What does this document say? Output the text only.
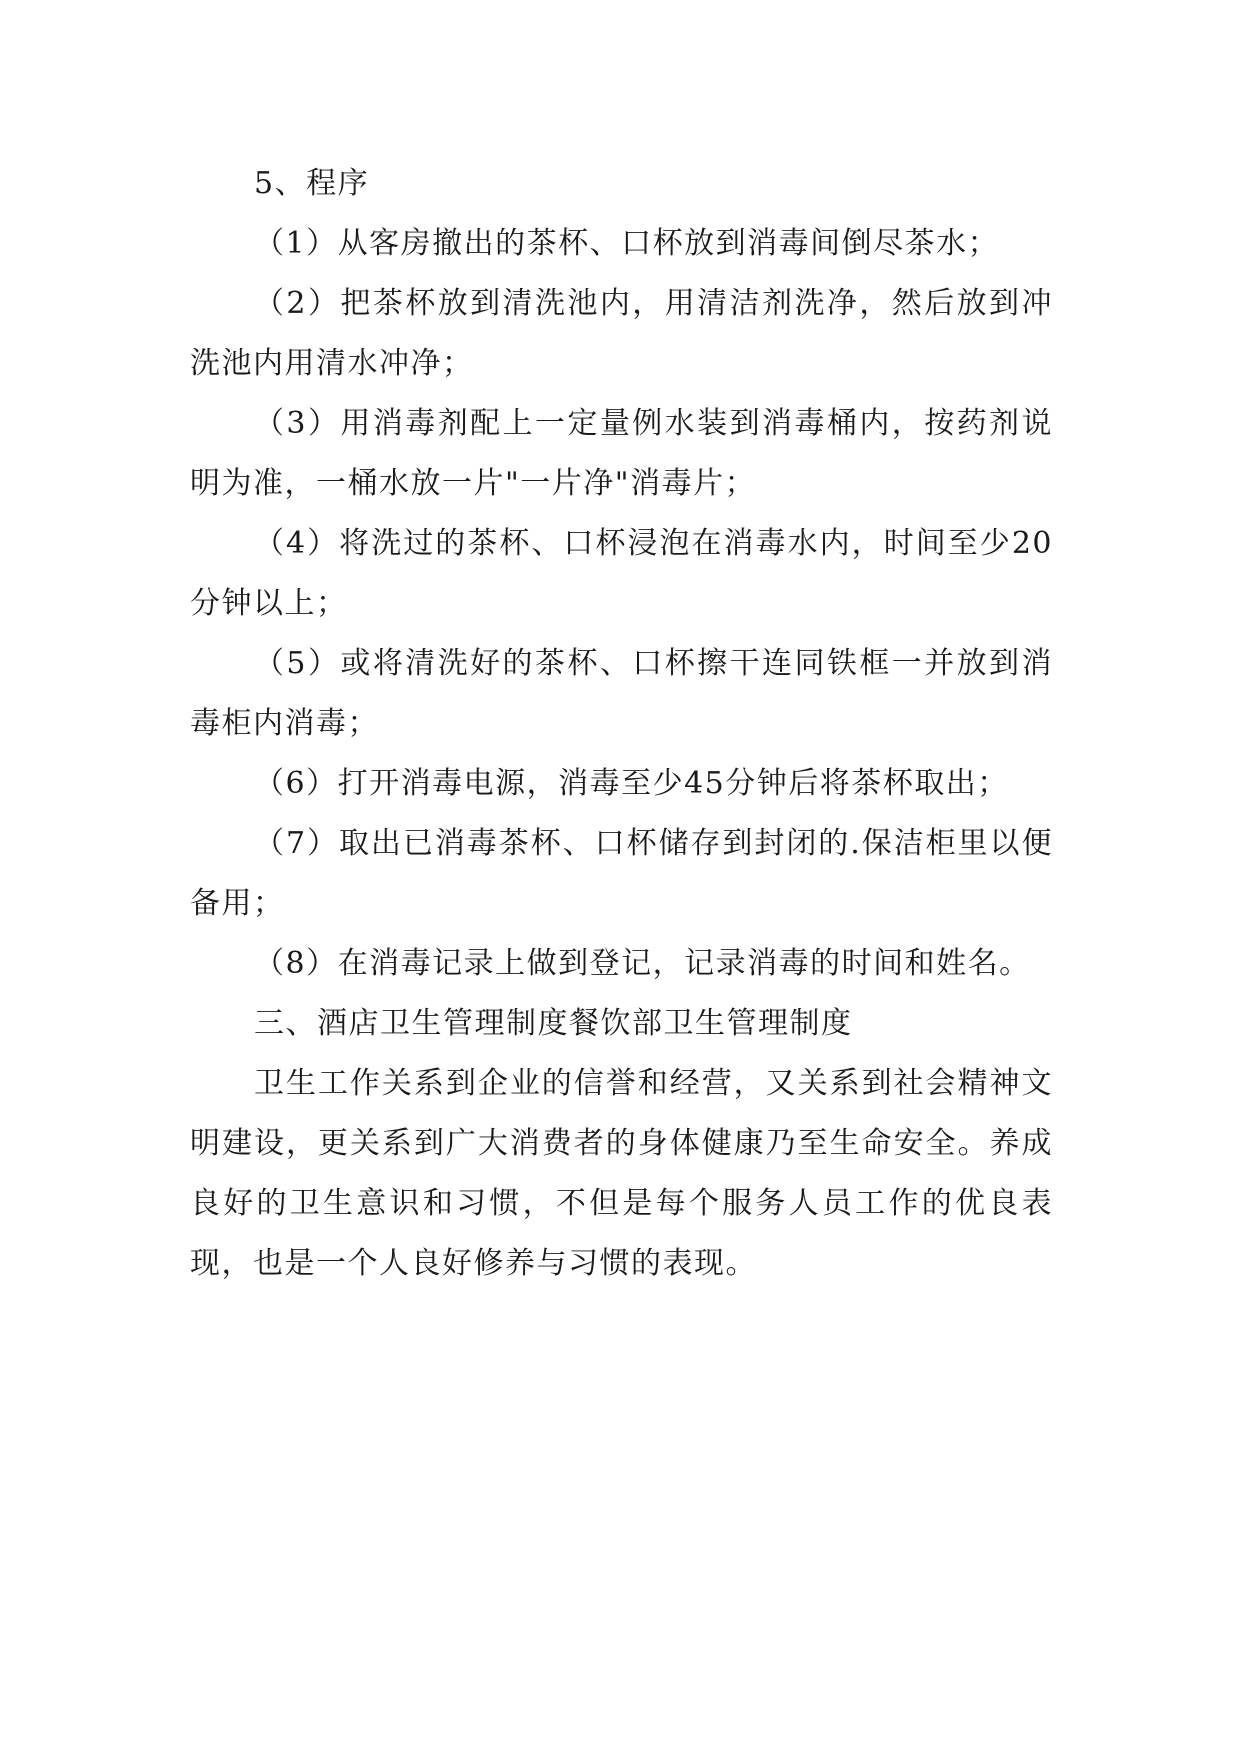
5、程序

（1）从客房撤出的茶杯、口杯放到消毒间倒尽茶水；

（2）把茶杯放到清洗池内，用清洁剂洗净，然后放到冲洗池内用清水冲净；

（3）用消毒剂配上一定量例水装到消毒桶内，按药剂说明为准，一桶水放一片"一片净"消毒片；

（4）将洗过的茶杯、口杯浸泡在消毒水内，时间至少20分钟以上；

（5）或将清洗好的茶杯、口杯擦干连同铁框一并放到消毒柜内消毒；

（6）打开消毒电源，消毒至少45分钟后将茶杯取出；

（7）取出已消毒茶杯、口杯储存到封闭的.保洁柜里以便备用；

（8）在消毒记录上做到登记，记录消毒的时间和姓名。

三、酒店卫生管理制度餐饮部卫生管理制度

卫生工作关系到企业的信誉和经营，又关系到社会精神文明建设，更关系到广大消费者的身体健康乃至生命安全。养成良好的卫生意识和习惯，不但是每个服务人员工作的优良表现，也是一个人良好修养与习惯的表现。
